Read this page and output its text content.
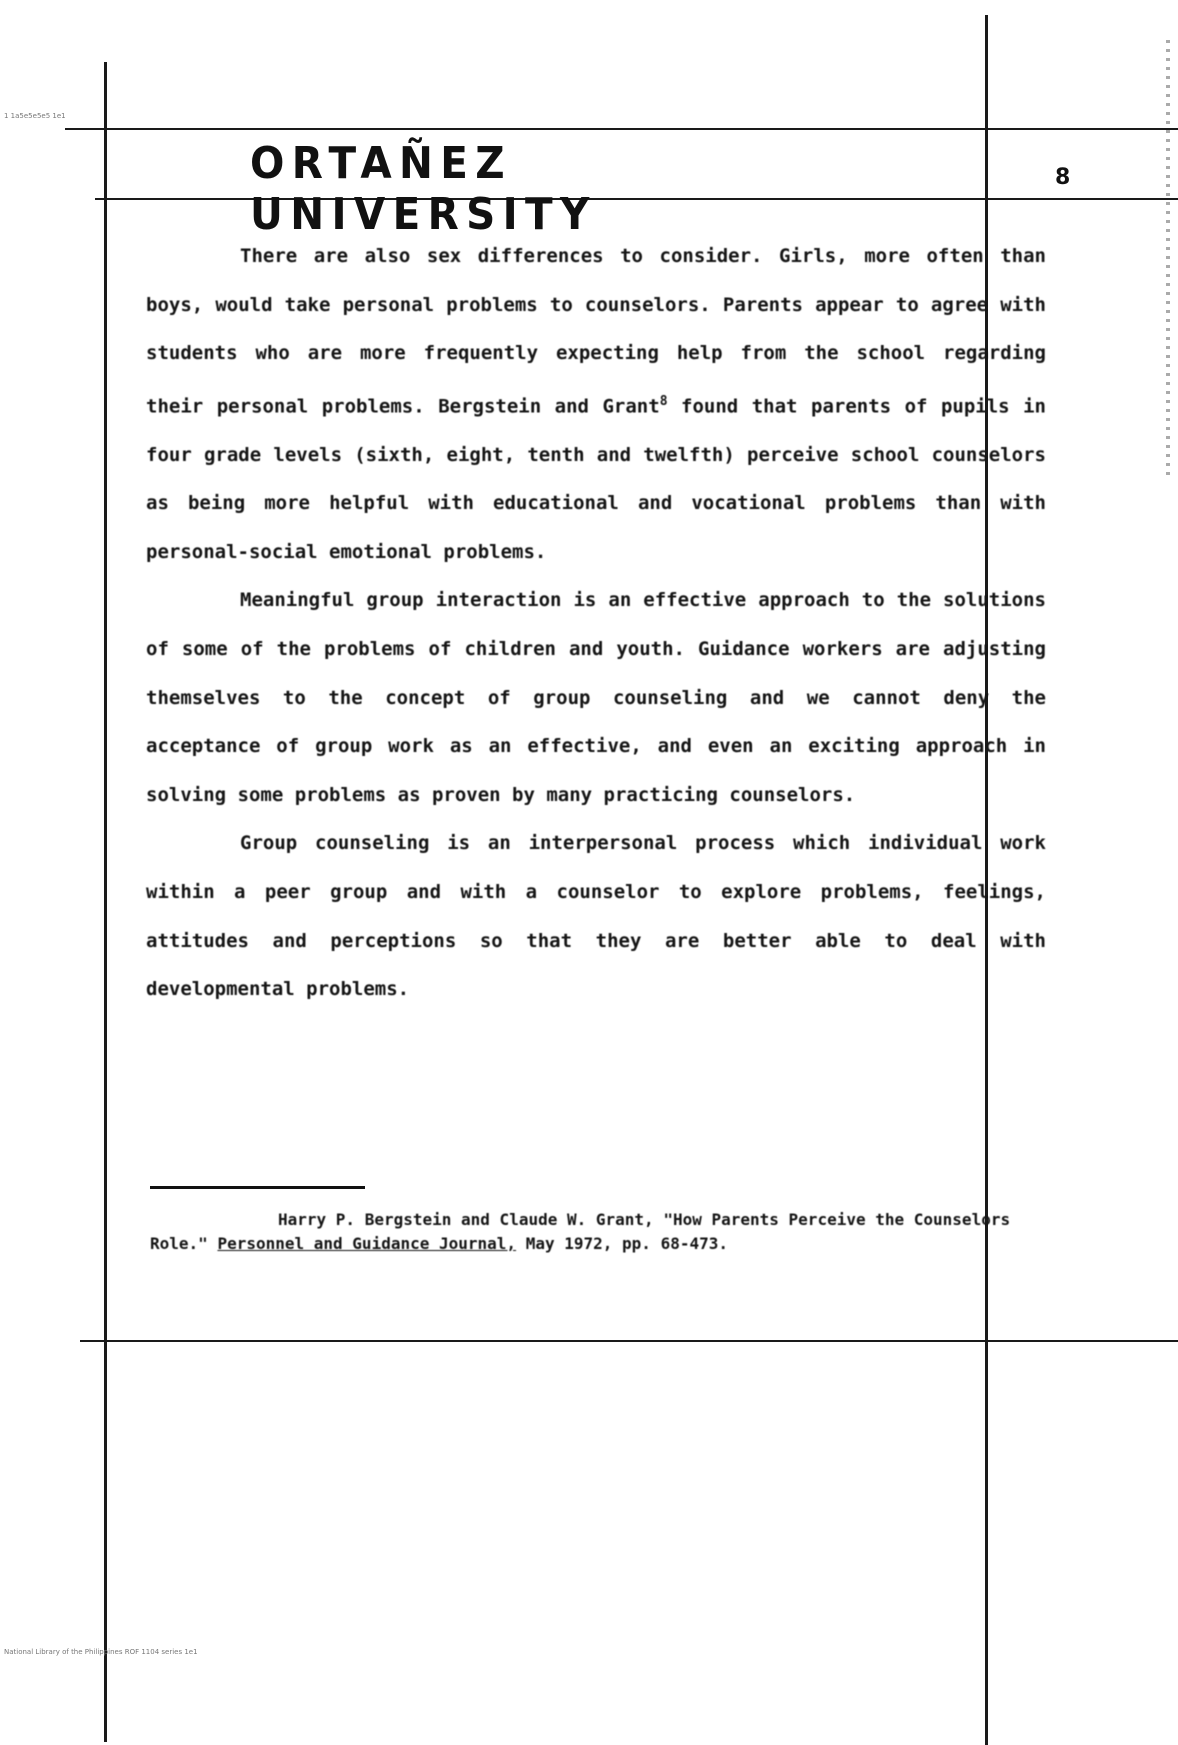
ORTAÑEZ UNIVERSITY
8

There are also sex differences to consider. Girls, more often than boys, would take personal problems to counselors. Parents appear to agree with students who are more frequently expecting help from the school regarding their personal problems. Bergstein and Grant$^8$ found that parents of pupils in four grade levels (sixth, eight, tenth and twelfth) perceive school counselors as being more helpful with educational and vocational problems than with personal-social emotional problems.

Meaningful group interaction is an effective approach to the solutions of some of the problems of children and youth. Guidance workers are adjusting themselves to the concept of group counseling and we cannot deny the acceptance of group work as an effective, and even an exciting approach in solving some problems as proven by many practicing counselors.

Group counseling is an interpersonal process which individual work within a peer group and with a counselor to explore problems, feelings, attitudes and perceptions so that they are better able to deal with developmental problems.

Harry P. Bergstein and Claude W. Grant, "How Parents Perceive the Counselors Role." Personnel and Guidance Journal, May 1972, pp. 68-473.
1 1a5e5e5e5 1e1
National Library of the Philippines ROF 1104 series 1e1
